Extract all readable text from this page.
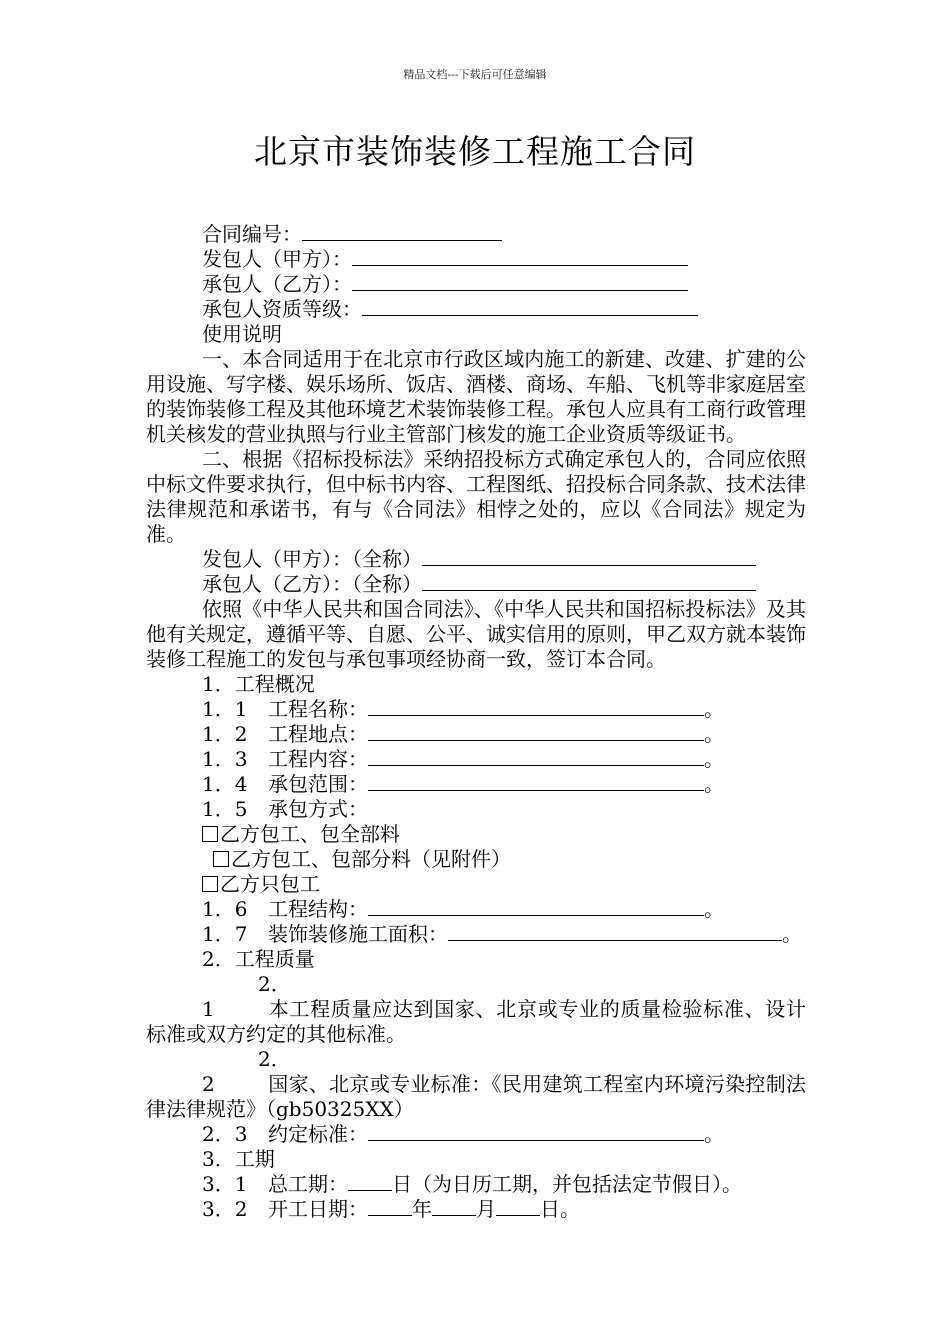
精品文档---下载后可任意编辑
北京市装饰装修工程施工合同
合同编号：
发包人（甲方）：
承包人（乙方）：
承包人资质等级：
使用说明
一、本合同适用于在北京市行政区域内施工的新建、改建、扩建的公用设施、写字楼、娱乐场所、饭店、酒楼、商场、车船、飞机等非家庭居室的装饰装修工程及其他环境艺术装饰装修工程。承包人应具有工商行政管理机关核发的营业执照与行业主管部门核发的施工企业资质等级证书。
二、根据《招标投标法》采纳招投标方式确定承包人的，合同应依照中标文件要求执行，但中标书内容、工程图纸、招投标合同条款、技术法律法律规范和承诺书，有与《合同法》相悖之处的，应以《合同法》规定为准。
发包人（甲方）：（全称）
承包人（乙方）：（全称）
依照《中华人民共和国合同法》、《中华人民共和国招标投标法》及其他有关规定，遵循平等、自愿、公平、诚实信用的原则，甲乙双方就本装饰装修工程施工的发包与承包事项经协商一致，签订本合同。
1．工程概况
1．1 工程名称：	。
1．2 工程地点：	。
1．3 工程内容：	。
1．4 承包范围：	。
1．5 承包方式：
乙方包工、包全部料
乙方包工、包部分料（见附件）
乙方只包工
1．6 工程结构：	。
1．7 装饰装修施工面积：	。
2．工程质量
2．1	本工程质量应达到国家、北京或专业的质量检验标准、设计标准或双方约定的其他标准。
2．2	国家、北京或专业标准：《民用建筑工程室内环境污染控制法律法律规范》（gb50325XX）
2．3 约定标准：	。
3．工期
3．1 总工期： 日（为日历工期，并包括法定节假日）。
3．2 开工日期： 年 月 日。
